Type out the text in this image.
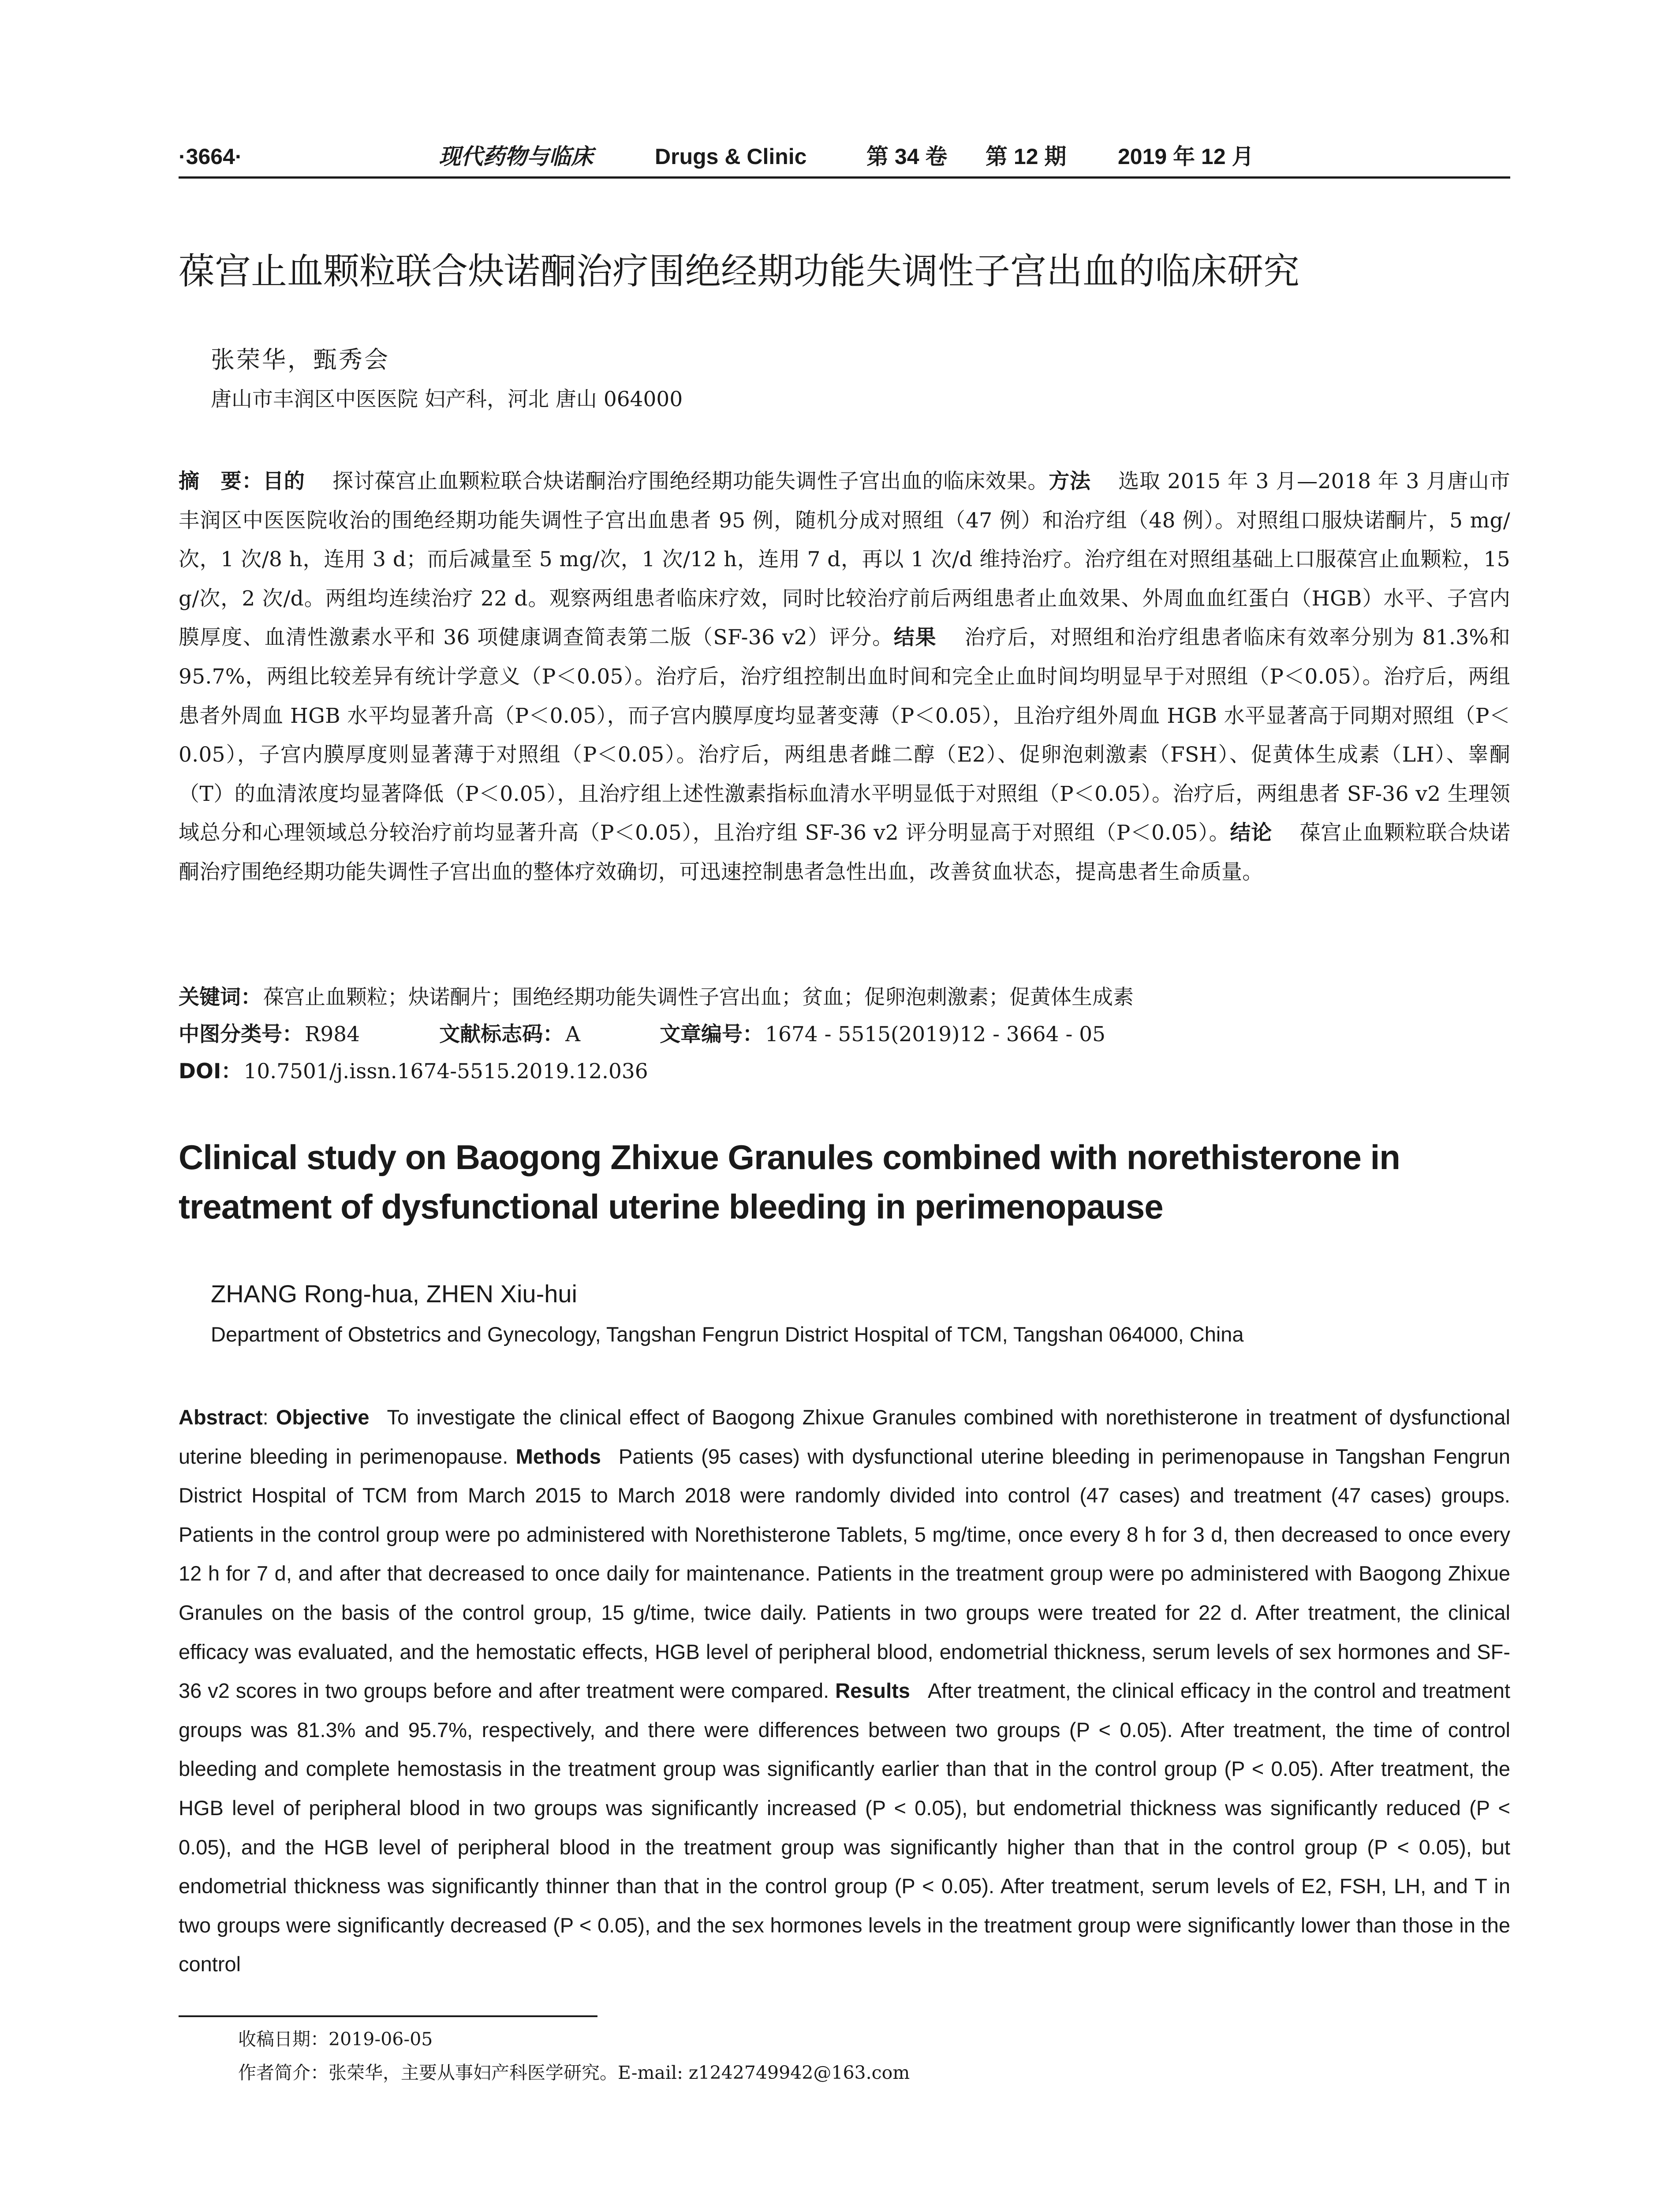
·3664·	现代药物与临床	Drugs & Clinic	第 34 卷 第 12 期 2019 年 12 月
葆宫止血颗粒联合炔诺酮治疗围绝经期功能失调性子宫出血的临床研究
张荣华，甄秀会
唐山市丰润区中医医院 妇产科，河北 唐山 064000
摘　要：目的 探讨葆宫止血颗粒联合炔诺酮治疗围绝经期功能失调性子宫出血的临床效果。方法 选取 2015 年 3 月—2018 年 3 月唐山市丰润区中医医院收治的围绝经期功能失调性子宫出血患者 95 例，随机分成对照组（47 例）和治疗组（48 例）。对照组口服炔诺酮片，5 mg/次，1 次/8 h，连用 3 d；而后减量至 5 mg/次，1 次/12 h，连用 7 d，再以 1 次/d 维持治疗。治疗组在对照组基础上口服葆宫止血颗粒，15 g/次，2 次/d。两组均连续治疗 22 d。观察两组患者临床疗效，同时比较治疗前后两组患者止血效果、外周血血红蛋白（HGB）水平、子宫内膜厚度、血清性激素水平和 36 项健康调查简表第二版（SF-36 v2）评分。结果 治疗后，对照组和治疗组患者临床有效率分别为 81.3%和 95.7%，两组比较差异有统计学意义（P＜0.05）。治疗后，治疗组控制出血时间和完全止血时间均明显早于对照组（P＜0.05）。治疗后，两组患者外周血 HGB 水平均显著升高（P＜0.05），而子宫内膜厚度均显著变薄（P＜0.05），且治疗组外周血 HGB 水平显著高于同期对照组（P＜0.05），子宫内膜厚度则显著薄于对照组（P＜0.05）。治疗后，两组患者雌二醇（E2）、促卵泡刺激素（FSH）、促黄体生成素（LH）、睾酮（T）的血清浓度均显著降低（P＜0.05），且治疗组上述性激素指标血清水平明显低于对照组（P＜0.05）。治疗后，两组患者 SF-36 v2 生理领域总分和心理领域总分较治疗前均显著升高（P＜0.05），且治疗组 SF-36 v2 评分明显高于对照组（P＜0.05）。结论 葆宫止血颗粒联合炔诺酮治疗围绝经期功能失调性子宫出血的整体疗效确切，可迅速控制患者急性出血，改善贫血状态，提高患者生命质量。
关键词：葆宫止血颗粒；炔诺酮片；围绝经期功能失调性子宫出血；贫血；促卵泡刺激素；促黄体生成素
中图分类号：R984	文献标志码：A	文章编号：1674 - 5515(2019)12 - 3664 - 05
DOI：10.7501/j.issn.1674-5515.2019.12.036
Clinical study on Baogong Zhixue Granules combined with norethisterone in treatment of dysfunctional uterine bleeding in perimenopause
ZHANG Rong-hua, ZHEN Xiu-hui
Department of Obstetrics and Gynecology, Tangshan Fengrun District Hospital of TCM, Tangshan 064000, China
Abstract: Objective To investigate the clinical effect of Baogong Zhixue Granules combined with norethisterone in treatment of dysfunctional uterine bleeding in perimenopause. Methods Patients (95 cases) with dysfunctional uterine bleeding in perimenopause in Tangshan Fengrun District Hospital of TCM from March 2015 to March 2018 were randomly divided into control (47 cases) and treatment (47 cases) groups. Patients in the control group were po administered with Norethisterone Tablets, 5 mg/time, once every 8 h for 3 d, then decreased to once every 12 h for 7 d, and after that decreased to once daily for maintenance. Patients in the treatment group were po administered with Baogong Zhixue Granules on the basis of the control group, 15 g/time, twice daily. Patients in two groups were treated for 22 d. After treatment, the clinical efficacy was evaluated, and the hemostatic effects, HGB level of peripheral blood, endometrial thickness, serum levels of sex hormones and SF-36 v2 scores in two groups before and after treatment were compared. Results After treatment, the clinical efficacy in the control and treatment groups was 81.3% and 95.7%, respectively, and there were differences between two groups (P < 0.05). After treatment, the time of control bleeding and complete hemostasis in the treatment group was significantly earlier than that in the control group (P < 0.05). After treatment, the HGB level of peripheral blood in two groups was significantly increased (P < 0.05), but endometrial thickness was significantly reduced (P < 0.05), and the HGB level of peripheral blood in the treatment group was significantly higher than that in the control group (P < 0.05), but endometrial thickness was significantly thinner than that in the control group (P < 0.05). After treatment, serum levels of E2, FSH, LH, and T in two groups were significantly decreased (P < 0.05), and the sex hormones levels in the treatment group were significantly lower than those in the control
收稿日期：2019-06-05
作者简介：张荣华，主要从事妇产科医学研究。E-mail: z1242749942@163.com
